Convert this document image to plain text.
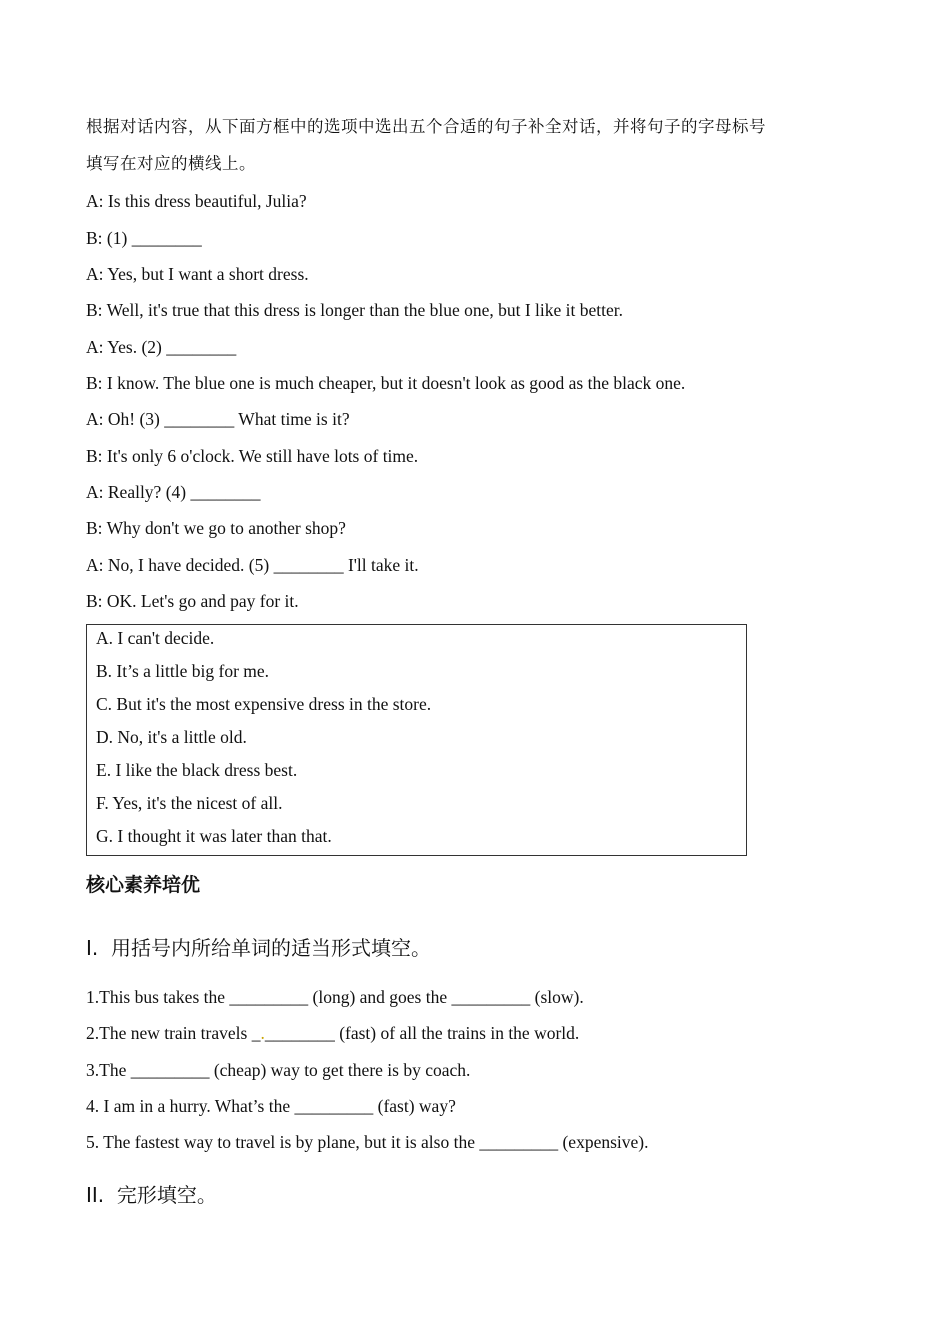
根据对话内容，从下面方框中的选项中选出五个合适的句子补全对话，并将句子的字母标号
填写在对应的横线上。
A: Is this dress beautiful, Julia?
B: (1) ________
A: Yes, but I want a short dress.
B: Well, it's true that this dress is longer than the blue one, but I like it better.
A: Yes. (2) ________
B: I know. The blue one is much cheaper, but it doesn't look as good as the black one.
A: Oh! (3) ________ What time is it?
B: It's only 6 o'clock. We still have lots of time.
A: Really? (4) ________
B: Why don't we go to another shop?
A: No, I have decided. (5) ________ I'll take it.
B: OK. Let's go and pay for it.
A. I can't decide.
B. It’s a little big for me.
C. But it's the most expensive dress in the store.
D. No, it's a little old.
E. I like the black dress best.
F. Yes, it's the nicest of all.
G. I thought it was later than that.
核心素养培优
I.  用括号内所给单词的适当形式填空。
1.This bus takes the _________ (long) and goes the _________ (slow).
2.The new train travels _.________ (fast) of all the trains in the world.
3.The _________ (cheap) way to get there is by coach.
4. I am in a hurry. What’s the _________ (fast) way?
5. The fastest way to travel is by plane, but it is also the _________ (expensive).
II.  完形填空。
